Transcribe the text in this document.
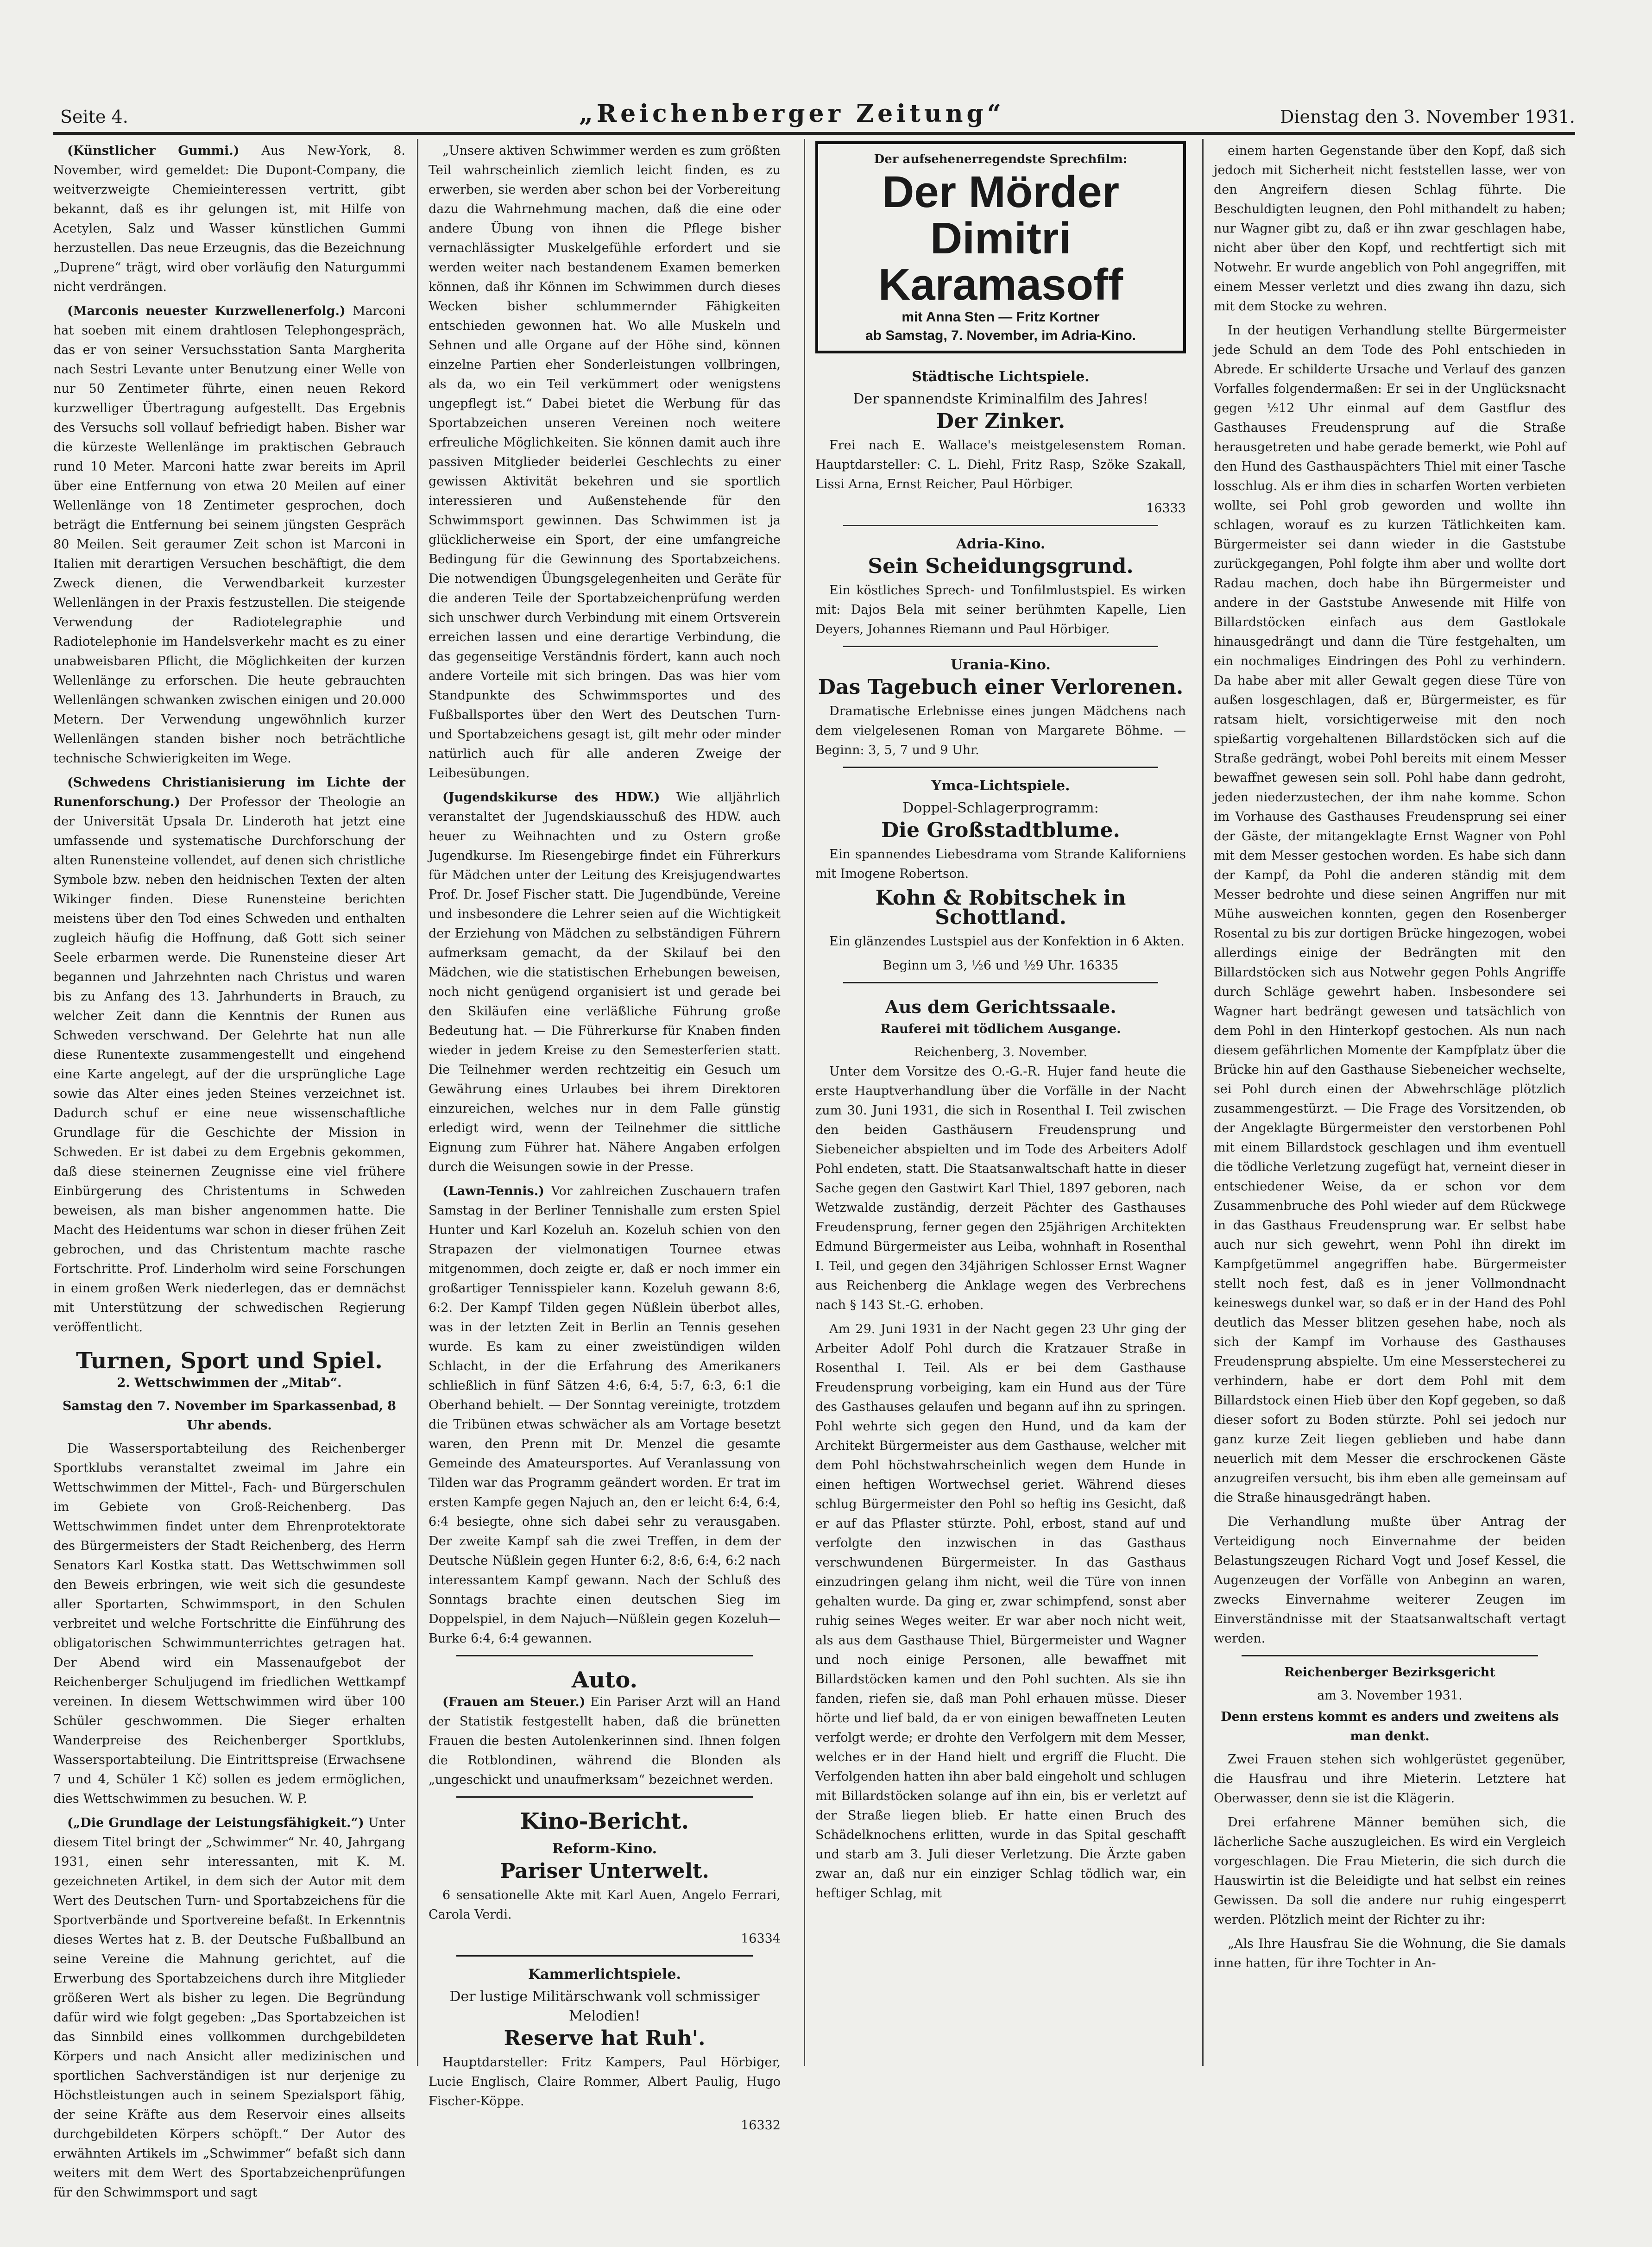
Seite 4.	„Reichenberger Zeitung“	Dienstag den 3. November 1931.

(Künstlicher Gummi.) Aus New-York, 8. November, wird gemeldet: Die Dupont-Company, die weitverzweigte Chemieinteressen vertritt, gibt bekannt, daß es ihr gelungen ist, mit Hilfe von Acetylen, Salz und Wasser künstlichen Gummi herzustellen. Das neue Erzeugnis, das die Bezeichnung „Duprene“ trägt, wird ober vorläufig den Naturgummi nicht verdrängen.

(Marconis neuester Kurzwellenerfolg.) Marconi hat soeben mit einem drahtlosen Telephongespräch, das er von seiner Versuchsstation Santa Margherita nach Sestri Levante unter Benutzung einer Welle von nur 50 Zentimeter führte, einen neuen Rekord kurzwelliger Übertragung aufgestellt. Das Ergebnis des Versuchs soll vollauf befriedigt haben. Bisher war die kürzeste Wellenlänge im praktischen Gebrauch rund 10 Meter. Marconi hatte zwar bereits im April über eine Entfernung von etwa 20 Meilen auf einer Wellenlänge von 18 Zentimeter gesprochen, doch beträgt die Entfernung bei seinem jüngsten Gespräch 80 Meilen. Seit geraumer Zeit schon ist Marconi in Italien mit derartigen Versuchen beschäftigt, die dem Zweck dienen, die Verwendbarkeit kurzester Wellenlängen in der Praxis festzustellen. Die steigende Verwendung der Radiotelegraphie und Radiotelephonie im Handelsverkehr macht es zu einer unabweisbaren Pflicht, die Möglichkeiten der kurzen Wellenlänge zu erforschen. Die heute gebrauchten Wellenlängen schwanken zwischen einigen und 20.000 Metern. Der Verwendung ungewöhnlich kurzer Wellenlängen standen bisher noch beträchtliche technische Schwierigkeiten im Wege.

(Schwedens Christianisierung im Lichte der Runenforschung.) Der Professor der Theologie an der Universität Upsala Dr. Linderoth hat jetzt eine umfassende und systematische Durchforschung der alten Runensteine vollendet, auf denen sich christliche Symbole bzw. neben den heidnischen Texten der alten Wikinger finden. Diese Runensteine berichten meistens über den Tod eines Schweden und enthalten zugleich häufig die Hoffnung, daß Gott sich seiner Seele erbarmen werde. Die Runensteine dieser Art begannen und Jahrzehnten nach Christus und waren bis zu Anfang des 13. Jahrhunderts in Brauch, zu welcher Zeit dann die Kenntnis der Runen aus Schweden verschwand. Der Gelehrte hat nun alle diese Runentexte zusammengestellt und eingehend eine Karte angelegt, auf der die ursprüngliche Lage sowie das Alter eines jeden Steines verzeichnet ist. Dadurch schuf er eine neue wissenschaftliche Grundlage für die Geschichte der Mission in Schweden. Er ist dabei zu dem Ergebnis gekommen, daß diese steinernen Zeugnisse eine viel frühere Einbürgerung des Christentums in Schweden beweisen, als man bisher angenommen hatte. Die Macht des Heidentums war schon in dieser frühen Zeit gebrochen, und das Christentum machte rasche Fortschritte. Prof. Linderholm wird seine Forschungen in einem großen Werk niederlegen, das er demnächst mit Unterstützung der schwedischen Regierung veröffentlicht.

Turnen, Sport und Spiel.
2. Wettschwimmen der „Mitab“.
Samstag den 7. November im Sparkassenbad, 8 Uhr abends.

Die Wassersportabteilung des Reichenberger Sportklubs veranstaltet zweimal im Jahre ein Wettschwimmen der Mittel-, Fach- und Bürgerschulen im Gebiete von Groß-Reichenberg. Das Wettschwimmen findet unter dem Ehrenprotektorate des Bürgermeisters der Stadt Reichenberg, des Herrn Senators Karl Kostka statt. Das Wettschwimmen soll den Beweis erbringen, wie weit sich die gesundeste aller Sportarten, Schwimmsport, in den Schulen verbreitet und welche Fortschritte die Einführung des obligatorischen Schwimmunterrichtes getragen hat. Der Abend wird ein Massenaufgebot der Reichenberger Schuljugend im friedlichen Wettkampf vereinen. In diesem Wettschwimmen wird über 100 Schüler geschwommen. Die Sieger erhalten Wanderpreise des Reichenberger Sportklubs, Wassersportabteilung. Die Eintrittspreise (Erwachsene 7 und 4, Schüler 1 Kč) sollen es jedem ermöglichen, dies Wettschwimmen zu besuchen. W. P.

(„Die Grundlage der Leistungsfähigkeit.“) Unter diesem Titel bringt der „Schwimmer“ Nr. 40, Jahrgang 1931, einen sehr interessanten, mit K. M. gezeichneten Artikel, in dem sich der Autor mit dem Wert des Deutschen Turn- und Sportabzeichens für die Sportverbände und Sportvereine befaßt. In Erkenntnis dieses Wertes hat z. B. der Deutsche Fußballbund an seine Vereine die Mahnung gerichtet, auf die Erwerbung des Sportabzeichens durch ihre Mitglieder größeren Wert als bisher zu legen. Die Begründung dafür wird wie folgt gegeben: „Das Sportabzeichen ist das Sinnbild eines vollkommen durchgebildeten Körpers und nach Ansicht aller medizinischen und sportlichen Sachverständigen ist nur derjenige zu Höchstleistungen auch in seinem Spezialsport fähig, der seine Kräfte aus dem Reservoir eines allseits durchgebildeten Körpers schöpft.“ Der Autor des erwähnten Artikels im „Schwimmer“ befaßt sich dann weiters mit dem Wert des Sportabzeichenprüfungen für den Schwimmsport und sagt

„Unsere aktiven Schwimmer werden es zum größten Teil wahrscheinlich ziemlich leicht finden, es zu erwerben, sie werden aber schon bei der Vorbereitung dazu die Wahrnehmung machen, daß die eine oder andere Übung von ihnen die Pflege bisher vernachlässigter Muskelgefühle erfordert und sie werden weiter nach bestandenem Examen bemerken können, daß ihr Können im Schwimmen durch dieses Wecken bisher schlummernder Fähigkeiten entschieden gewonnen hat. Wo alle Muskeln und Sehnen und alle Organe auf der Höhe sind, können einzelne Partien eher Sonderleistungen vollbringen, als da, wo ein Teil verkümmert oder wenigstens ungepflegt ist.“ Dabei bietet die Werbung für das Sportabzeichen unseren Vereinen noch weitere erfreuliche Möglichkeiten. Sie können damit auch ihre passiven Mitglieder beiderlei Geschlechts zu einer gewissen Aktivität bekehren und sie sportlich interessieren und Außenstehende für den Schwimmsport gewinnen. Das Schwimmen ist ja glücklicherweise ein Sport, der eine umfangreiche Bedingung für die Gewinnung des Sportabzeichens. Die notwendigen Übungsgelegenheiten und Geräte für die anderen Teile der Sportabzeichenprüfung werden sich unschwer durch Verbindung mit einem Ortsverein erreichen lassen und eine derartige Verbindung, die das gegenseitige Verständnis fördert, kann auch noch andere Vorteile mit sich bringen. Das was hier vom Standpunkte des Schwimmsportes und des Fußballsportes über den Wert des Deutschen Turn- und Sportabzeichens gesagt ist, gilt mehr oder minder natürlich auch für alle anderen Zweige der Leibesübungen.

(Jugendskikurse des HDW.) Wie alljährlich veranstaltet der Jugendskiausschuß des HDW. auch heuer zu Weihnachten und zu Ostern große Jugendkurse. Im Riesengebirge findet ein Führerkurs für Mädchen unter der Leitung des Kreisjugendwartes Prof. Dr. Josef Fischer statt. Die Jugendbünde, Vereine und insbesondere die Lehrer seien auf die Wichtigkeit der Erziehung von Mädchen zu selbständigen Führern aufmerksam gemacht, da der Skilauf bei den Mädchen, wie die statistischen Erhebungen beweisen, noch nicht genügend organisiert ist und gerade bei den Skiläufen eine verläßliche Führung große Bedeutung hat. — Die Führerkurse für Knaben finden wieder in jedem Kreise zu den Semesterferien statt. Die Teilnehmer werden rechtzeitig ein Gesuch um Gewährung eines Urlaubes bei ihrem Direktoren einzureichen, welches nur in dem Falle günstig erledigt wird, wenn der Teilnehmer die sittliche Eignung zum Führer hat. Nähere Angaben erfolgen durch die Weisungen sowie in der Presse.

(Lawn-Tennis.) Vor zahlreichen Zuschauern trafen Samstag in der Berliner Tennishalle zum ersten Spiel Hunter und Karl Kozeluh an. Kozeluh schien von den Strapazen der vielmonatigen Tournee etwas mitgenommen, doch zeigte er, daß er noch immer ein großartiger Tennisspieler kann. Kozeluh gewann 8:6, 6:2. Der Kampf Tilden gegen Nüßlein überbot alles, was in der letzten Zeit in Berlin an Tennis gesehen wurde. Es kam zu einer zweistündigen wilden Schlacht, in der die Erfahrung des Amerikaners schließlich in fünf Sätzen 4:6, 6:4, 5:7, 6:3, 6:1 die Oberhand behielt. — Der Sonntag vereinigte, trotzdem die Tribünen etwas schwächer als am Vortage besetzt waren, den Prenn mit Dr. Menzel die gesamte Gemeinde des Amateursportes. Auf Veranlassung von Tilden war das Programm geändert worden. Er trat im ersten Kampfe gegen Najuch an, den er leicht 6:4, 6:4, 6:4 besiegte, ohne sich dabei sehr zu verausgaben. Der zweite Kampf sah die zwei Treffen, in dem der Deutsche Nüßlein gegen Hunter 6:2, 8:6, 6:4, 6:2 nach interessantem Kampf gewann. Nach der Schluß des Sonntags brachte einen deutschen Sieg im Doppelspiel, in dem Najuch—Nüßlein gegen Kozeluh—Burke 6:4, 6:4 gewannen.

Auto.

(Frauen am Steuer.) Ein Pariser Arzt will an Hand der Statistik festgestellt haben, daß die brünetten Frauen die besten Autolenkerinnen sind. Ihnen folgen die Rotblondinen, während die Blonden als „ungeschickt und unaufmerksam“ bezeichnet werden.

Kino-Bericht.
Reform-Kino.
Pariser Unterwelt.

6 sensationelle Akte mit Karl Auen, Angelo Ferrari, Carola Verdi.

16334
Kammerlichtspiele.
Der lustige Militärschwank voll schmissiger Melodien!
Reserve hat Ruh'.

Hauptdarsteller: Fritz Kampers, Paul Hörbiger, Lucie Englisch, Claire Rommer, Albert Paulig, Hugo Fischer-Köppe.

16332
Der aufsehenerregendste Sprechfilm:
Der Mörder Dimitri Karamasoff
mit Anna Sten — Fritz Kortner
ab Samstag, 7. November, im Adria-Kino.
Städtische Lichtspiele.
Der spannendste Kriminalfilm des Jahres!
Der Zinker.

Frei nach E. Wallace's meistgelesenstem Roman. Hauptdarsteller: C. L. Diehl, Fritz Rasp, Szöke Szakall, Lissi Arna, Ernst Reicher, Paul Hörbiger.

16333
Adria-Kino.
Sein Scheidungsgrund.

Ein köstliches Sprech- und Tonfilmlustspiel. Es wirken mit: Dajos Bela mit seiner berühmten Kapelle, Lien Deyers, Johannes Riemann und Paul Hörbiger.

Urania-Kino.
Das Tagebuch einer Verlorenen.

Dramatische Erlebnisse eines jungen Mädchens nach dem vielgelesenen Roman von Margarete Böhme. — Beginn: 3, 5, 7 und 9 Uhr.

Ymca-Lichtspiele.
Doppel-Schlagerprogramm:
Die Großstadtblume.

Ein spannendes Liebesdrama vom Strande Kaliforniens mit Imogene Robertson.

Kohn & Robitschek in Schottland.

Ein glänzendes Lustspiel aus der Konfektion in 6 Akten.

Beginn um 3, ½6 und ½9 Uhr. 16335
Aus dem Gerichtssaale.
Rauferei mit tödlichem Ausgange.
Reichenberg, 3. November.

Unter dem Vorsitze des O.-G.-R. Hujer fand heute die erste Hauptverhandlung über die Vorfälle in der Nacht zum 30. Juni 1931, die sich in Rosenthal I. Teil zwischen den beiden Gasthäusern Freudensprung und Siebeneicher abspielten und im Tode des Arbeiters Adolf Pohl endeten, statt. Die Staatsanwaltschaft hatte in dieser Sache gegen den Gastwirt Karl Thiel, 1897 geboren, nach Wetzwalde zuständig, derzeit Pächter des Gasthauses Freudensprung, ferner gegen den 25jährigen Architekten Edmund Bürgermeister aus Leiba, wohnhaft in Rosenthal I. Teil, und gegen den 34jährigen Schlosser Ernst Wagner aus Reichenberg die Anklage wegen des Verbrechens nach § 143 St.-G. erhoben.

Am 29. Juni 1931 in der Nacht gegen 23 Uhr ging der Arbeiter Adolf Pohl durch die Kratzauer Straße in Rosenthal I. Teil. Als er bei dem Gasthause Freudensprung vorbeiging, kam ein Hund aus der Türe des Gasthauses gelaufen und begann auf ihn zu springen. Pohl wehrte sich gegen den Hund, und da kam der Architekt Bürgermeister aus dem Gasthause, welcher mit dem Pohl höchstwahrscheinlich wegen dem Hunde in einen heftigen Wortwechsel geriet. Während dieses schlug Bürgermeister den Pohl so heftig ins Gesicht, daß er auf das Pflaster stürzte. Pohl, erbost, stand auf und verfolgte den inzwischen in das Gasthaus verschwundenen Bürgermeister. In das Gasthaus einzudringen gelang ihm nicht, weil die Türe von innen gehalten wurde. Da ging er, zwar schimpfend, sonst aber ruhig seines Weges weiter. Er war aber noch nicht weit, als aus dem Gasthause Thiel, Bürgermeister und Wagner und noch einige Personen, alle bewaffnet mit Billardstöcken kamen und den Pohl suchten. Als sie ihn fanden, riefen sie, daß man Pohl erhauen müsse. Dieser hörte und lief bald, da er von einigen bewaffneten Leuten verfolgt werde; er drohte den Verfolgern mit dem Messer, welches er in der Hand hielt und ergriff die Flucht. Die Verfolgenden hatten ihn aber bald eingeholt und schlugen mit Billardstöcken solange auf ihn ein, bis er verletzt auf der Straße liegen blieb. Er hatte einen Bruch des Schädelknochens erlitten, wurde in das Spital geschafft und starb am 3. Juli dieser Verletzung. Die Ärzte gaben zwar an, daß nur ein einziger Schlag tödlich war, ein heftiger Schlag, mit

einem harten Gegenstande über den Kopf, daß sich jedoch mit Sicherheit nicht feststellen lasse, wer von den Angreifern diesen Schlag führte. Die Beschuldigten leugnen, den Pohl mithandelt zu haben; nur Wagner gibt zu, daß er ihn zwar geschlagen habe, nicht aber über den Kopf, und rechtfertigt sich mit Notwehr. Er wurde angeblich von Pohl angegriffen, mit einem Messer verletzt und dies zwang ihn dazu, sich mit dem Stocke zu wehren.

In der heutigen Verhandlung stellte Bürgermeister jede Schuld an dem Tode des Pohl entschieden in Abrede. Er schilderte Ursache und Verlauf des ganzen Vorfalles folgendermaßen: Er sei in der Unglücksnacht gegen ½12 Uhr einmal auf dem Gastflur des Gasthauses Freudensprung auf die Straße herausgetreten und habe gerade bemerkt, wie Pohl auf den Hund des Gasthauspächters Thiel mit einer Tasche losschlug. Als er ihm dies in scharfen Worten verbieten wollte, sei Pohl grob geworden und wollte ihn schlagen, worauf es zu kurzen Tätlichkeiten kam. Bürgermeister sei dann wieder in die Gaststube zurückgegangen, Pohl folgte ihm aber und wollte dort Radau machen, doch habe ihn Bürgermeister und andere in der Gaststube Anwesende mit Hilfe von Billardstöcken einfach aus dem Gastlokale hinausgedrängt und dann die Türe festgehalten, um ein nochmaliges Eindringen des Pohl zu verhindern. Da habe aber mit aller Gewalt gegen diese Türe von außen losgeschlagen, daß er, Bürgermeister, es für ratsam hielt, vorsichtigerweise mit den noch spießartig vorgehaltenen Billardstöcken sich auf die Straße gedrängt, wobei Pohl bereits mit einem Messer bewaffnet gewesen sein soll. Pohl habe dann gedroht, jeden niederzustechen, der ihm nahe komme. Schon im Vorhause des Gasthauses Freudensprung sei einer der Gäste, der mitangeklagte Ernst Wagner von Pohl mit dem Messer gestochen worden. Es habe sich dann der Kampf, da Pohl die anderen ständig mit dem Messer bedrohte und diese seinen Angriffen nur mit Mühe ausweichen konnten, gegen den Rosenberger Rosental zu bis zur dortigen Brücke hingezogen, wobei allerdings einige der Bedrängten mit den Billardstöcken sich aus Notwehr gegen Pohls Angriffe durch Schläge gewehrt haben. Insbesondere sei Wagner hart bedrängt gewesen und tatsächlich von dem Pohl in den Hinterkopf gestochen. Als nun nach diesem gefährlichen Momente der Kampfplatz über die Brücke hin auf den Gasthause Siebeneicher wechselte, sei Pohl durch einen der Abwehrschläge plötzlich zusammengestürzt. — Die Frage des Vorsitzenden, ob der Angeklagte Bürgermeister den verstorbenen Pohl mit einem Billardstock geschlagen und ihm eventuell die tödliche Verletzung zugefügt hat, verneint dieser in entschiedener Weise, da er schon vor dem Zusammenbruche des Pohl wieder auf dem Rückwege in das Gasthaus Freudensprung war. Er selbst habe auch nur sich gewehrt, wenn Pohl ihn direkt im Kampfgetümmel angegriffen habe. Bürgermeister stellt noch fest, daß es in jener Vollmondnacht keineswegs dunkel war, so daß er in der Hand des Pohl deutlich das Messer blitzen gesehen habe, noch als sich der Kampf im Vorhause des Gasthauses Freudensprung abspielte. Um eine Messerstecherei zu verhindern, habe er dort dem Pohl mit dem Billardstock einen Hieb über den Kopf gegeben, so daß dieser sofort zu Boden stürzte. Pohl sei jedoch nur ganz kurze Zeit liegen geblieben und habe dann neuerlich mit dem Messer die erschrockenen Gäste anzugreifen versucht, bis ihm eben alle gemeinsam auf die Straße hinausgedrängt haben.

Die Verhandlung mußte über Antrag der Verteidigung noch Einvernahme der beiden Belastungszeugen Richard Vogt und Josef Kessel, die Augenzeugen der Vorfälle von Anbeginn an waren, zwecks Einvernahme weiterer Zeugen im Einverständnisse mit der Staatsanwaltschaft vertagt werden.

Reichenberger Bezirksgericht
am 3. November 1931.
Denn erstens kommt es anders und zweitens als man denkt.

Zwei Frauen stehen sich wohlgerüstet gegenüber, die Hausfrau und ihre Mieterin. Letztere hat Oberwasser, denn sie ist die Klägerin.

Drei erfahrene Männer bemühen sich, die lächerliche Sache auszugleichen. Es wird ein Vergleich vorgeschlagen. Die Frau Mieterin, die sich durch die Hauswirtin ist die Beleidigte und hat selbst ein reines Gewissen. Da soll die andere nur ruhig eingesperrt werden. Plötzlich meint der Richter zu ihr:

„Als Ihre Hausfrau Sie die Wohnung, die Sie damals inne hatten, für ihre Tochter in An-
